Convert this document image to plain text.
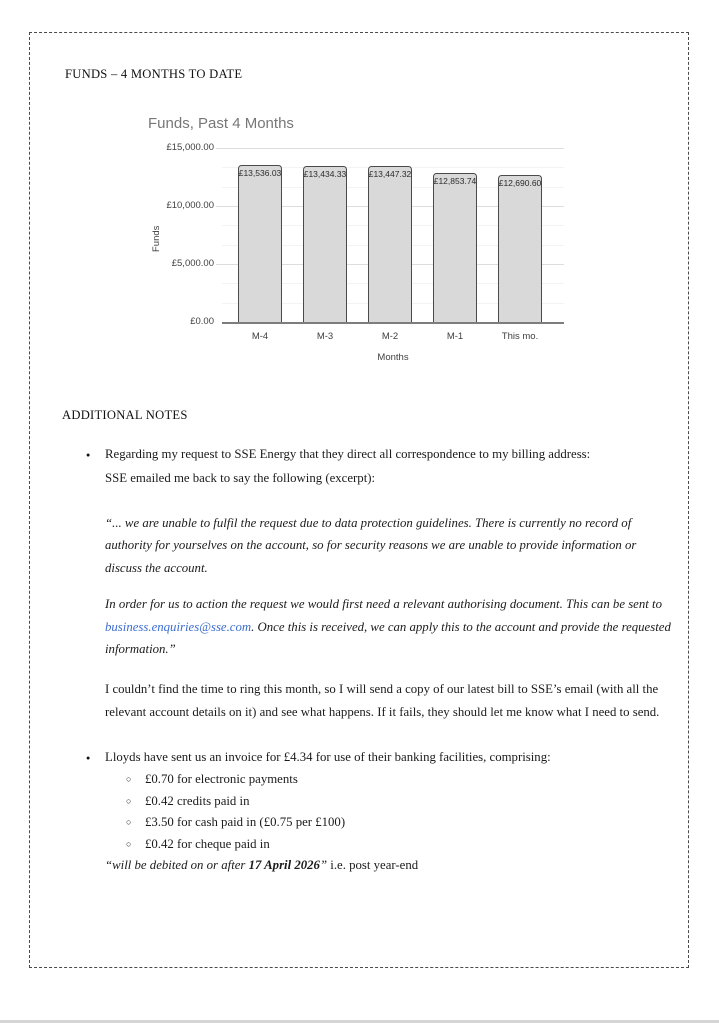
FUNDS – 4 MONTHS TO DATE
Funds, Past 4 Months
Funds
£13,536.03
M-4
£13,434.33
M-3
£13,447.32
M-2
£12,853.74
M-1
£12,690.60
This mo.
Months
£0.00
£5,000.00
£10,000.00
£15,000.00
ADDITIONAL NOTES
●
Regarding my request to SSE Energy that they direct all correspondence to my billing address:
SSE emailed me back to say the following (excerpt):
“... we are unable to fulfil the request due to data protection guidelines. There is currently no record of
authority for yourselves on the account, so for security reasons we are unable to provide information or
discuss the account.
In order for us to action the request we would first need a relevant authorising document. This can be sent to
business.enquiries@sse.com. Once this is received, we can apply this to the account and provide the requested
information.”
I couldn’t find the time to ring this month, so I will send a copy of our latest bill to SSE’s email (with all the
relevant account details on it) and see what happens. If it fails, they should let me know what I need to send.
●
Lloyds have sent us an invoice for £4.34 for use of their banking facilities, comprising:
○
£0.70 for electronic payments
○
£0.42 credits paid in
○
£3.50 for cash paid in (£0.75 per £100)
○
£0.42 for cheque paid in
“will be debited on or after 17 April 2026” i.e. post year-end
